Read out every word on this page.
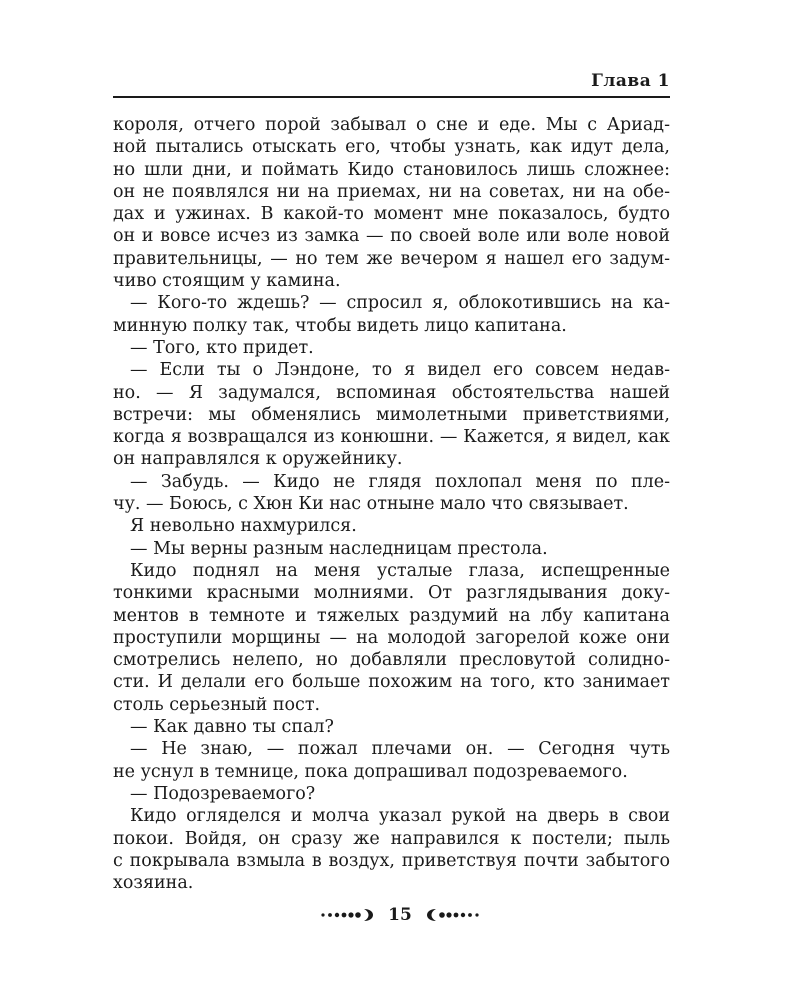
Глава 1
короля, отчего порой забывал о сне и еде. Мы с Ариад-
ной пытались отыскать его, чтобы узнать, как идут дела,
но шли дни, и поймать Кидо становилось лишь сложнее:
он не появлялся ни на приемах, ни на советах, ни на обе-
дах и ужинах. В какой-то момент мне показалось, будто
он и вовсе исчез из замка — по своей воле или воле новой
правительницы, — но тем же вечером я нашел его задум-
чиво стоящим у камина.
— Кого-то ждешь? — спросил я, облокотившись на ка-
минную полку так, чтобы видеть лицо капитана.
— Того, кто придет.
— Если ты о Лэндоне, то я видел его совсем недав-
но. — Я задумался, вспоминая обстоятельства нашей
встречи: мы обменялись мимолетными приветствиями,
когда я возвращался из конюшни. — Кажется, я видел, как
он направлялся к оружейнику.
— Забудь. — Кидо не глядя похлопал меня по пле-
чу. — Боюсь, с Хюн Ки нас отныне мало что связывает.
Я невольно нахмурился.
— Мы верны разным наследницам престола.
Кидо поднял на меня усталые глаза, испещренные
тонкими красными молниями. От разглядывания доку-
ментов в темноте и тяжелых раздумий на лбу капитана
проступили морщины — на молодой загорелой коже они
смотрелись нелепо, но добавляли пресловутой солидно-
сти. И делали его больше похожим на того, кто занимает
столь серьезный пост.
— Как давно ты спал?
— Не знаю, — пожал плечами он. — Сегодня чуть
не уснул в темнице, пока допрашивал подозреваемого.
— Подозреваемого?
Кидо огляделся и молча указал рукой на дверь в свои
покои. Войдя, он сразу же направился к постели; пыль
с покрывала взмыла в воздух, приветствуя почти забытого
хозяина.
15
